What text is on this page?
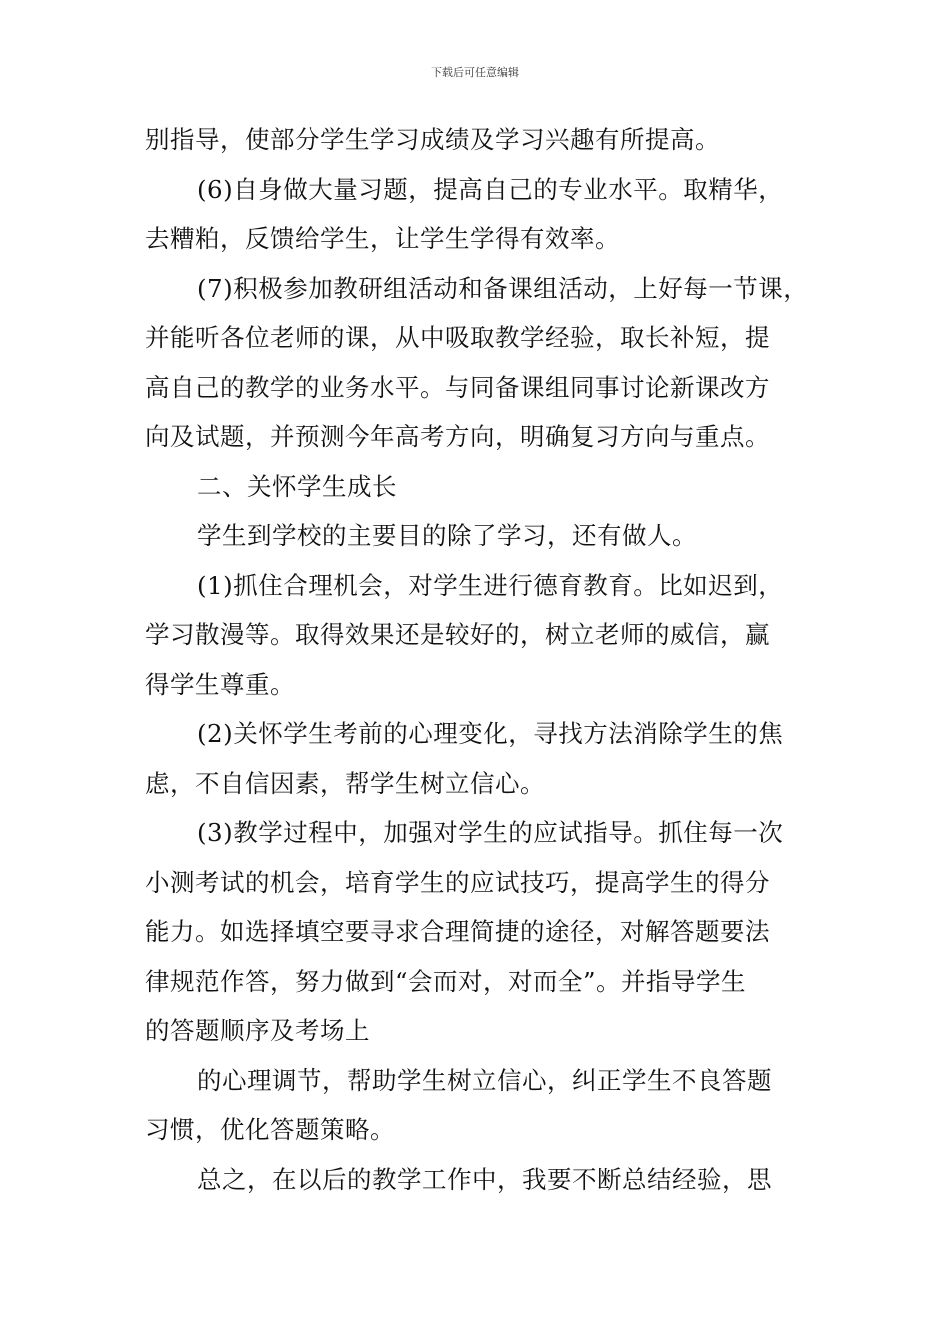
下载后可任意编辑
别指导，使部分学生学习成绩及学习兴趣有所提高。
(6)自身做大量习题，提高自己的专业水平。取精华，
去糟粕，反馈给学生，让学生学得有效率。
(7)积极参加教研组活动和备课组活动，上好每一节课，
并能听各位老师的课，从中吸取教学经验，取长补短，提
高自己的教学的业务水平。与同备课组同事讨论新课改方
向及试题，并预测今年高考方向，明确复习方向与重点。
二、关怀学生成长
学生到学校的主要目的除了学习，还有做人。
(1)抓住合理机会，对学生进行德育教育。比如迟到，
学习散漫等。取得效果还是较好的，树立老师的威信，赢
得学生尊重。
(2)关怀学生考前的心理变化，寻找方法消除学生的焦
虑，不自信因素，帮学生树立信心。
(3)教学过程中，加强对学生的应试指导。抓住每一次
小测考试的机会，培育学生的应试技巧，提高学生的得分
能力。如选择填空要寻求合理简捷的途径，对解答题要法
律规范作答，努力做到“会而对，对而全”。并指导学生
的答题顺序及考场上
的心理调节，帮助学生树立信心，纠正学生不良答题
习惯，优化答题策略。
总之，在以后的教学工作中，我要不断总结经验，思
